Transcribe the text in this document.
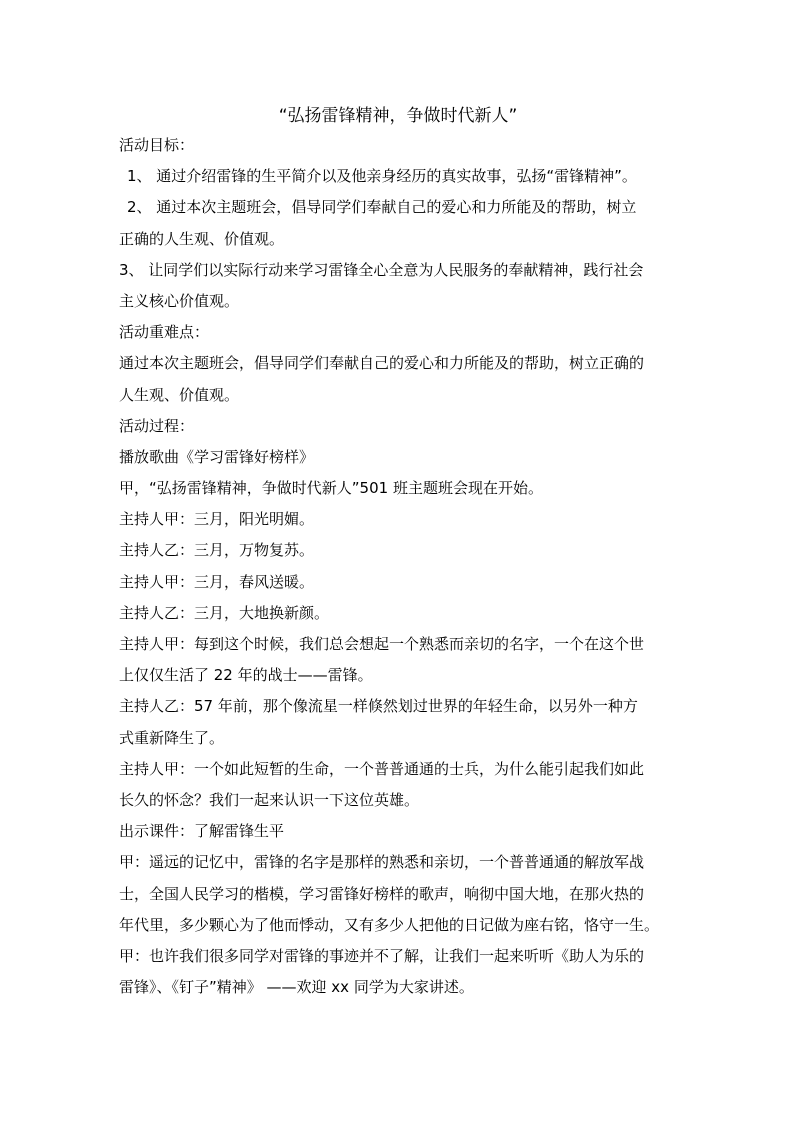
“弘扬雷锋精神，争做时代新人”
活动目标：
1、 通过介绍雷锋的生平简介以及他亲身经历的真实故事，弘扬“雷锋精神”。
2、 通过本次主题班会，倡导同学们奉献自己的爱心和力所能及的帮助，树立
正确的人生观、价值观。
3、 让同学们以实际行动来学习雷锋全心全意为人民服务的奉献精神，践行社会
主义核心价值观。
活动重难点：
通过本次主题班会，倡导同学们奉献自己的爱心和力所能及的帮助，树立正确的
人生观、价值观。
活动过程：
播放歌曲《学习雷锋好榜样》
甲，“弘扬雷锋精神，争做时代新人”501 班主题班会现在开始。
主持人甲：三月，阳光明媚。
主持人乙：三月，万物复苏。
主持人甲：三月，春风送暖。
主持人乙：三月，大地换新颜。
主持人甲：每到这个时候，我们总会想起一个熟悉而亲切的名字，一个在这个世
上仅仅生活了 22 年的战士——雷锋。
主持人乙：57 年前，那个像流星一样倏然划过世界的年轻生命，以另外一种方
式重新降生了。
主持人甲：一个如此短暂的生命，一个普普通通的士兵，为什么能引起我们如此
长久的怀念？我们一起来认识一下这位英雄。
出示课件：了解雷锋生平
甲：遥远的记忆中，雷锋的名字是那样的熟悉和亲切，一个普普通通的解放军战
士，全国人民学习的楷模，学习雷锋好榜样的歌声，响彻中国大地，在那火热的
年代里，多少颗心为了他而悸动，又有多少人把他的日记做为座右铭，恪守一生。
甲：也许我们很多同学对雷锋的事迹并不了解，让我们一起来听听《助人为乐的
雷锋》、《钉子”精神》 ——欢迎 xx 同学为大家讲述。
